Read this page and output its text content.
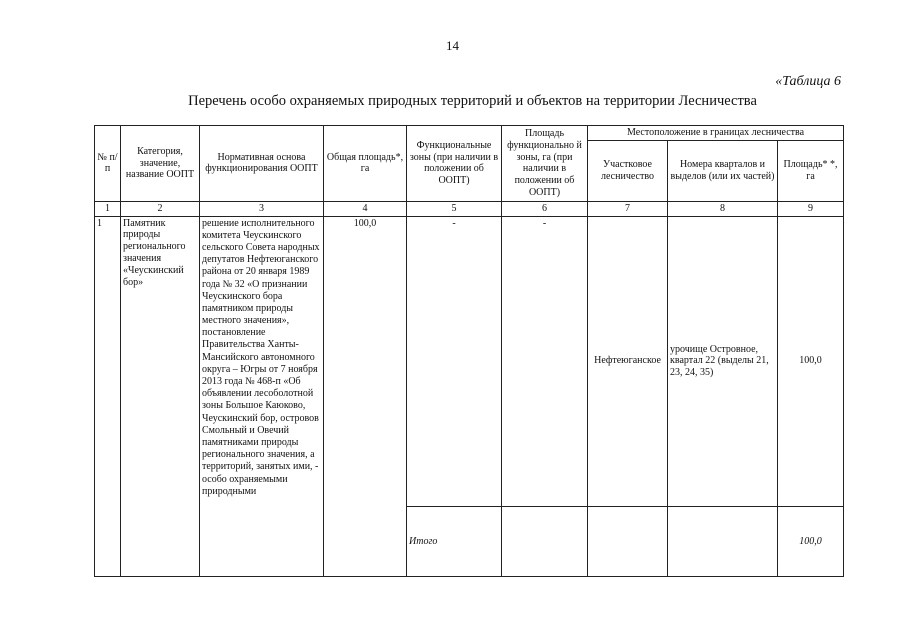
14
«Таблица 6
Перечень особо охраняемых природных территорий и объектов на территории Лесничества
№ п/ п	Категория, значение, название ООПТ	Нормативная основа функционирования ООПТ	Общая площадь*, га	Функциональные зоны (при наличии в положении об ООПТ)	Площадь функционально й зоны, га (при наличии в положении об ООПТ)	Местоположение в границах лесничества		
						Участковое лесничество	Номера кварталов и выделов (или их частей)	Площадь* *, га
1	2	3	4	5	6	7	8	9
1	Памятник природы регионального значения «Чеускинский бор»	решение исполнительного комитета Чеускинского сельского Совета народных депутатов Нефтеюганского района от 20 января 1989 года № 32 «О признании Чеускинского бора памятником природы местного значения», постановление Правительства Ханты-Мансийского автономного округа – Югры от 7 ноября 2013 года № 468-п «Об объявлении лесоболотной зоны Большое Каюково, Чеускинский бор, островов Смольный и Овечий памятниками природы регионального значения, а территорий, занятых ими, - особо охраняемыми природными	100,0	-	-	Нефтеюганское	урочище Островное, квартал 22 (выделы 21, 23, 24, 35)	100,0
				Итого				100,0
